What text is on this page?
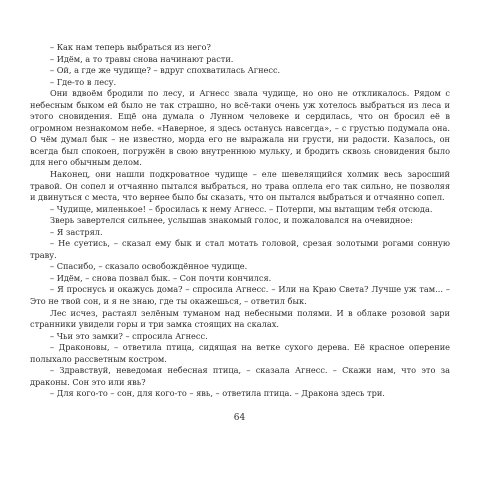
– Как нам теперь выбраться из него?

– Идём, а то травы снова начинают расти.

– Ой, а где же чудище? – вдруг спохватилась Агнесс.

– Где-то в лесу.

Они вдвоём бродили по лесу, и Агнесс звала чудище, но оно не откликалось. Рядом с небесным быком ей было не так страшно, но всё-таки очень уж хотелось выбраться из леса и этого сновидения. Ещё она думала о Лунном человеке и сердилась, что он бросил её в огромном незнакомом небе. «Наверное, я здесь останусь навсегда», – с грустью подумала она. О чём думал бык – не известно, морда его не выражала ни грусти, ни радости. Казалось, он всегда был спокоен, погружён в свою внутреннюю мульку, и бродить сквозь сновидения было для него обычным делом.

Наконец, они нашли подкроватное чудище – еле шевелящийся холмик весь заросший травой. Он сопел и отчаянно пытался выбраться, но трава оплела его так сильно, не позволяя и двинуться с места, что вернее было бы сказать, что он пытался выбраться и отчаянно сопел.

– Чудище, миленькое! – бросилась к нему Агнесс. – Потерпи, мы вытащим тебя отсюда.

Зверь завертелся сильнее, услышав знакомый голос, и пожаловался на очевидное:

– Я застрял.

– Не суетись, – сказал ему бык и стал мотать головой, срезая золотыми рогами сонную траву.

– Спасибо, – сказало освобождённое чудище.

– Идём, – снова позвал бык. – Сон почти кончился.

– Я проснусь и окажусь дома? – спросила Агнесс. – Или на Краю Света? Лучше уж там... – Это не твой сон, и я не знаю, где ты окажешься, – ответил бык.

Лес исчез, растаял зелёным туманом над небесными полями. И в облаке розовой зари странники увидели горы и три замка стоящих на скалах.

– Чьи это замки? – спросила Агнесс.

– Драконовы, – ответила птица, сидящая на ветке сухого дерева. Её красное оперение полыхало рассветным костром.

– Здравствуй, неведомая небесная птица, – сказала Агнесс. – Скажи нам, что это за драконы. Сон это или явь?

– Для кого-то – сон, для кого-то – явь, – ответила птица. – Дракона здесь три.

64
